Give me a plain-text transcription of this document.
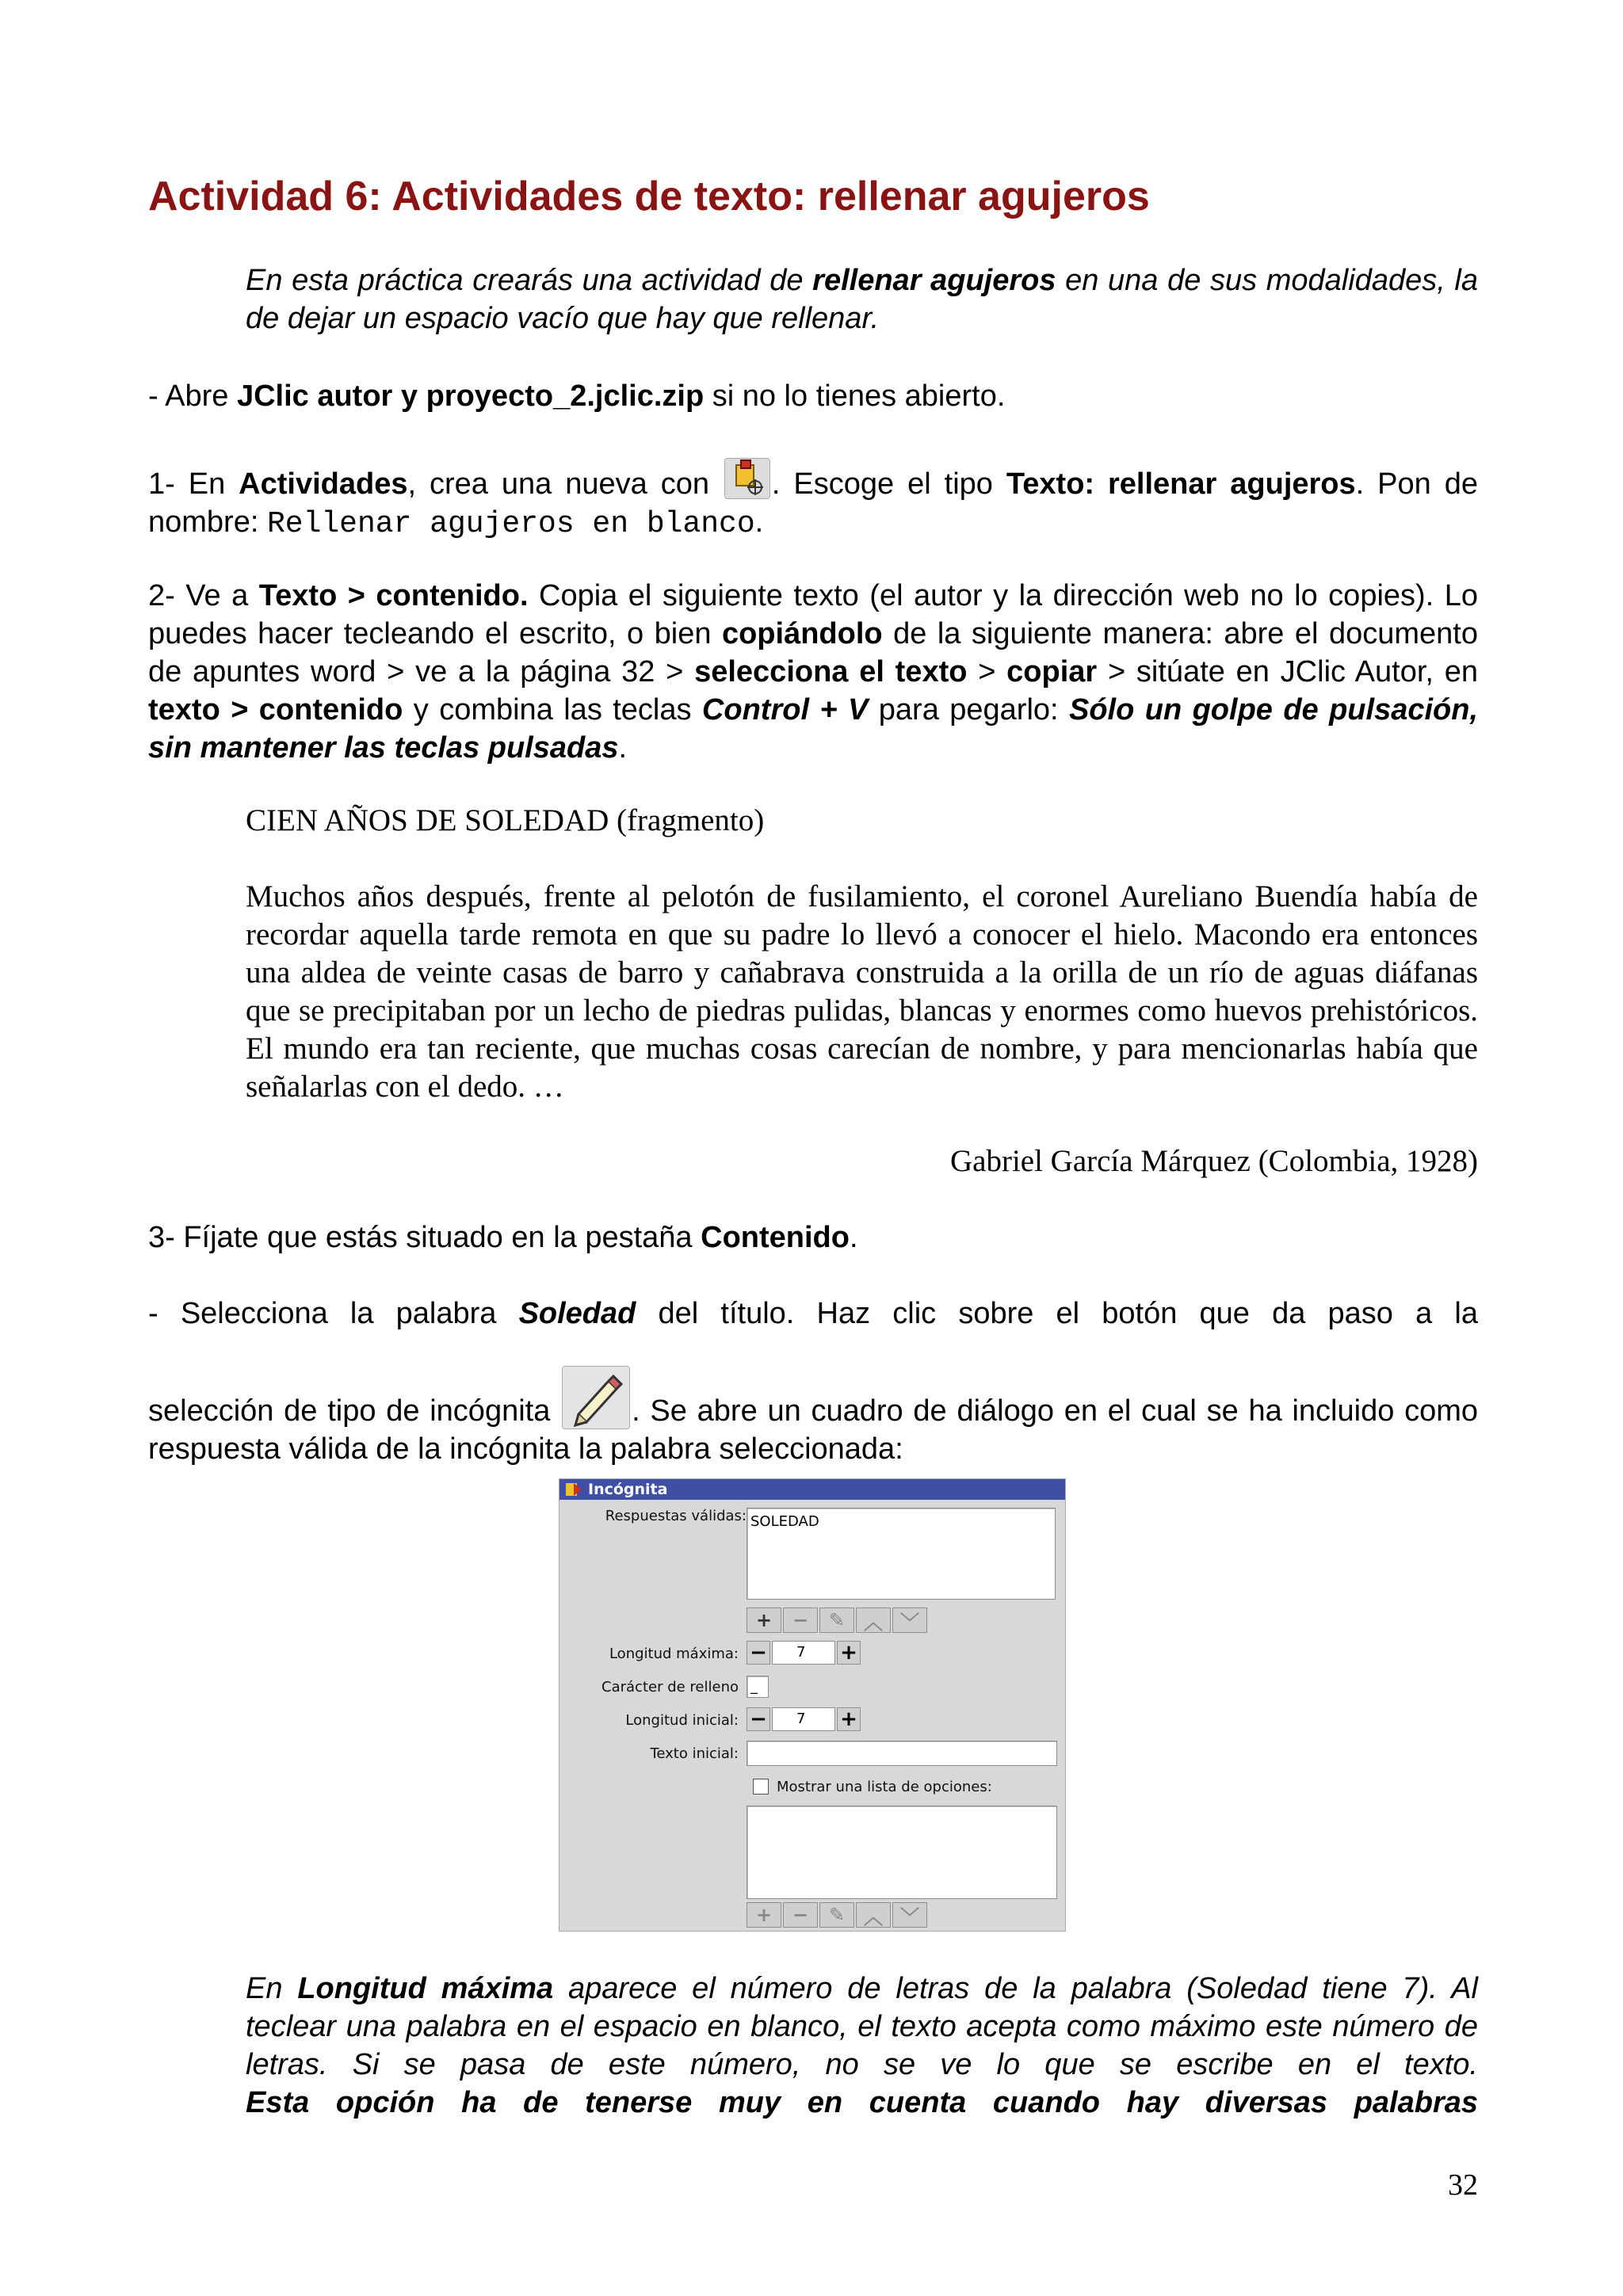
Actividad 6: Actividades de texto: rellenar agujeros

En esta práctica crearás una actividad de rellenar agujeros en una de sus modalidades, la de dejar un espacio vacío que hay que rellenar.

- Abre JClic autor y proyecto_2.jclic.zip si no lo tienes abierto.

1- En Actividades, crea una nueva con . Escoge el tipo Texto: rellenar agujeros. Pon de nombre: Rellenar agujeros en blanco.

2- Ve a Texto > contenido. Copia el siguiente texto (el autor y la dirección web no lo copies). Lo puedes hacer tecleando el escrito, o bien copiándolo de la siguiente manera: abre el documento de apuntes word > ve a la página 32 > selecciona el texto > copiar > sitúate en JClic Autor, en texto > contenido y combina las teclas Control + V para pegarlo: Sólo un golpe de pulsación, sin mantener las teclas pulsadas.

CIEN AÑOS DE SOLEDAD (fragmento)

Muchos años después, frente al pelotón de fusilamiento, el coronel Aureliano Buendía había de recordar aquella tarde remota en que su padre lo llevó a conocer el hielo. Macondo era entonces una aldea de veinte casas de barro y cañabrava construida a la orilla de un río de aguas diáfanas que se precipitaban por un lecho de piedras pulidas, blancas y enormes como huevos prehistóricos. El mundo era tan reciente, que muchas cosas carecían de nombre, y para mencionarlas había que señalarlas con el dedo. …

Gabriel García Márquez (Colombia, 1928)

3- Fíjate que estás situado en la pestaña Contenido.

- Selecciona la palabra Soledad del título. Haz clic sobre el botón que da paso a la

selección de tipo de incógnita . Se abre un cuadro de diálogo en el cual se ha incluido como respuesta válida de la incógnita la palabra seleccionada:

Incógnita
Respuestas válidas: SOLEDAD
+	−	✎ ︿ ﹀
Longitud máxima: −	7	+
Carácter de relleno _
Longitud inicial: −	7	+
Texto inicial:
Mostrar una lista de opciones:
+	−	✎ ︿ ﹀

En Longitud máxima aparece el número de letras de la palabra (Soledad tiene 7). Al teclear una palabra en el espacio en blanco, el texto acepta como máximo este número de letras. Si se pasa de este número, no se ve lo que se escribe en el texto. Esta opción ha de tenerse muy en cuenta cuando hay diversas palabras

32
